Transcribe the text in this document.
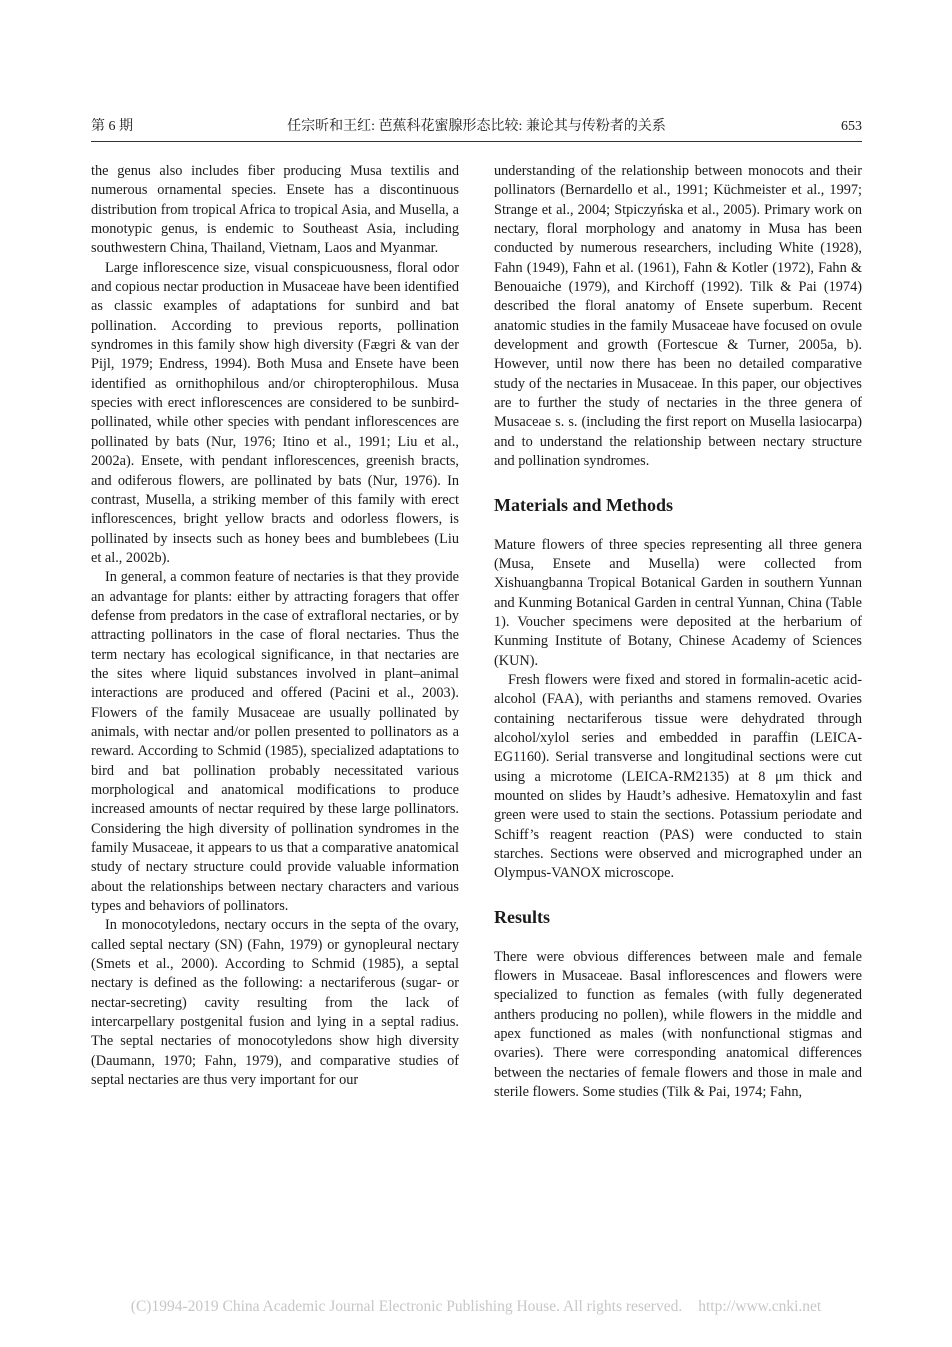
第 6 期	任宗昕和王红: 芭蕉科花蜜腺形态比较: 兼论其与传粉者的关系	653

the genus also includes fiber producing Musa textilis and numerous ornamental species. Ensete has a discontinuous distribution from tropical Africa to tropical Asia, and Musella, a monotypic genus, is endemic to Southeast Asia, including southwestern China, Thailand, Vietnam, Laos and Myanmar.

Large inflorescence size, visual conspicuousness, floral odor and copious nectar production in Musaceae have been identified as classic examples of adaptations for sunbird and bat pollination. According to previous reports, pollination syndromes in this family show high diversity (Fægri & van der Pijl, 1979; Endress, 1994). Both Musa and Ensete have been identified as ornithophilous and/or chiropterophilous. Musa species with erect inflorescences are considered to be sunbird-pollinated, while other species with pendant inflorescences are pollinated by bats (Nur, 1976; Itino et al., 1991; Liu et al., 2002a). Ensete, with pendant inflorescences, greenish bracts, and odiferous flowers, are pollinated by bats (Nur, 1976). In contrast, Musella, a striking member of this family with erect inflorescences, bright yellow bracts and odorless flowers, is pollinated by insects such as honey bees and bumblebees (Liu et al., 2002b).

In general, a common feature of nectaries is that they provide an advantage for plants: either by attracting foragers that offer defense from predators in the case of extrafloral nectaries, or by attracting pollinators in the case of floral nectaries. Thus the term nectary has ecological significance, in that nectaries are the sites where liquid substances involved in plant–animal interactions are produced and offered (Pacini et al., 2003). Flowers of the family Musaceae are usually pollinated by animals, with nectar and/or pollen presented to pollinators as a reward. According to Schmid (1985), specialized adaptations to bird and bat pollination probably necessitated various morphological and anatomical modifications to produce increased amounts of nectar required by these large pollinators. Considering the high diversity of pollination syndromes in the family Musaceae, it appears to us that a comparative anatomical study of nectary structure could provide valuable information about the relationships between nectary characters and various types and behaviors of pollinators.

In monocotyledons, nectary occurs in the septa of the ovary, called septal nectary (SN) (Fahn, 1979) or gynopleural nectary (Smets et al., 2000). According to Schmid (1985), a septal nectary is defined as the following: a nectariferous (sugar- or nectar-secreting) cavity resulting from the lack of intercarpellary postgenital fusion and lying in a septal radius. The septal nectaries of monocotyledons show high diversity (Daumann, 1970; Fahn, 1979), and comparative studies of septal nectaries are thus very important for our

understanding of the relationship between monocots and their pollinators (Bernardello et al., 1991; Küchmeister et al., 1997; Strange et al., 2004; Stpiczyńska et al., 2005). Primary work on nectary, floral morphology and anatomy in Musa has been conducted by numerous researchers, including White (1928), Fahn (1949), Fahn et al. (1961), Fahn & Kotler (1972), Fahn & Benouaiche (1979), and Kirchoff (1992). Tilk & Pai (1974) described the floral anatomy of Ensete superbum. Recent anatomic studies in the family Musaceae have focused on ovule development and growth (Fortescue & Turner, 2005a, b). However, until now there has been no detailed comparative study of the nectaries in Musaceae. In this paper, our objectives are to further the study of nectaries in the three genera of Musaceae s. s. (including the first report on Musella lasiocarpa) and to understand the relationship between nectary structure and pollination syndromes.

Materials and Methods

Mature flowers of three species representing all three genera (Musa, Ensete and Musella) were collected from Xishuangbanna Tropical Botanical Garden in southern Yunnan and Kunming Botanical Garden in central Yunnan, China (Table 1). Voucher specimens were deposited at the herbarium of Kunming Institute of Botany, Chinese Academy of Sciences (KUN).

Fresh flowers were fixed and stored in formalin-acetic acid-alcohol (FAA), with perianths and stamens removed. Ovaries containing nectariferous tissue were dehydrated through alcohol/xylol series and embedded in paraffin (LEICA-EG1160). Serial transverse and longitudinal sections were cut using a microtome (LEICA-RM2135) at 8 μm thick and mounted on slides by Haudt’s adhesive. Hematoxylin and fast green were used to stain the sections. Potassium periodate and Schiff’s reagent reaction (PAS) were conducted to stain starches. Sections were observed and micrographed under an Olympus-VANOX microscope.

Results

There were obvious differences between male and female flowers in Musaceae. Basal inflorescences and flowers were specialized to function as females (with fully degenerated anthers producing no pollen), while flowers in the middle and apex functioned as males (with nonfunctional stigmas and ovaries). There were corresponding anatomical differences between the nectaries of female flowers and those in male and sterile flowers. Some studies (Tilk & Pai, 1974; Fahn,

(C)1994-2019 China Academic Journal Electronic Publishing House. All rights reserved. http://www.cnki.net
